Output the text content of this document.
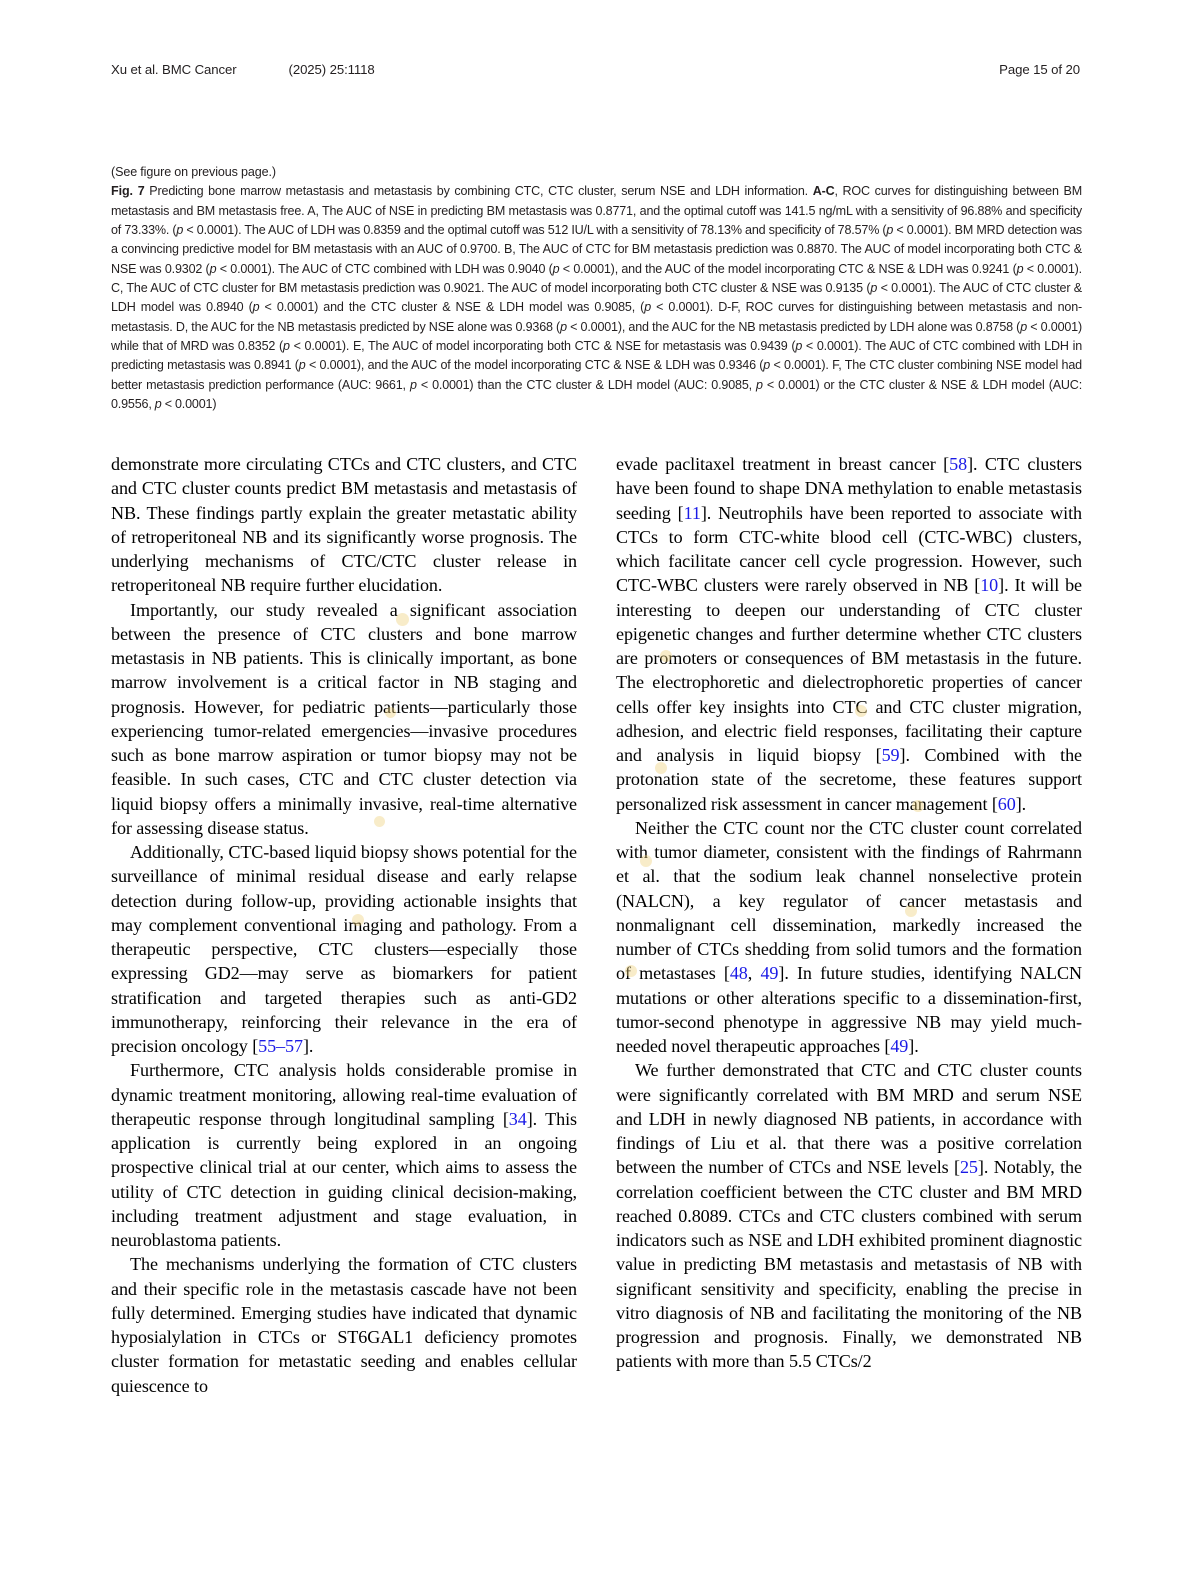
Xu et al. BMC Cancer	(2025) 25:1118	Page 15 of 20
(See figure on previous page.)
Fig. 7 Predicting bone marrow metastasis and metastasis by combining CTC, CTC cluster, serum NSE and LDH information. A-C, ROC curves for distinguishing between BM metastasis and BM metastasis free. A, The AUC of NSE in predicting BM metastasis was 0.8771, and the optimal cutoff was 141.5 ng/mL with a sensitivity of 96.88% and specificity of 73.33%. (p < 0.0001). The AUC of LDH was 0.8359 and the optimal cutoff was 512 IU/L with a sensitivity of 78.13% and specificity of 78.57% (p < 0.0001). BM MRD detection was a convincing predictive model for BM metastasis with an AUC of 0.9700. B, The AUC of CTC for BM metastasis prediction was 0.8870. The AUC of model incorporating both CTC & NSE was 0.9302 (p < 0.0001). The AUC of CTC combined with LDH was 0.9040 (p < 0.0001), and the AUC of the model incorporating CTC & NSE & LDH was 0.9241 (p < 0.0001). C, The AUC of CTC cluster for BM metastasis prediction was 0.9021. The AUC of model incorporating both CTC cluster & NSE was 0.9135 (p < 0.0001). The AUC of CTC cluster & LDH model was 0.8940 (p < 0.0001) and the CTC cluster & NSE & LDH model was 0.9085, (p < 0.0001). D-F, ROC curves for distinguishing between metastasis and non-metastasis. D, the AUC for the NB metastasis predicted by NSE alone was 0.9368 (p < 0.0001), and the AUC for the NB metastasis predicted by LDH alone was 0.8758 (p < 0.0001) while that of MRD was 0.8352 (p < 0.0001). E, The AUC of model incorporating both CTC & NSE for metastasis was 0.9439 (p < 0.0001). The AUC of CTC combined with LDH in predicting metastasis was 0.8941 (p < 0.0001), and the AUC of the model incorporating CTC & NSE & LDH was 0.9346 (p < 0.0001). F, The CTC cluster combining NSE model had better metastasis prediction performance (AUC: 9661, p < 0.0001) than the CTC cluster & LDH model (AUC: 0.9085, p < 0.0001) or the CTC cluster & NSE & LDH model (AUC: 0.9556, p < 0.0001)

demonstrate more circulating CTCs and CTC clusters, and CTC and CTC cluster counts predict BM metastasis and metastasis of NB. These findings partly explain the greater metastatic ability of retroperitoneal NB and its significantly worse prognosis. The underlying mechanisms of CTC/CTC cluster release in retroperitoneal NB require further elucidation.

Importantly, our study revealed a significant association between the presence of CTC clusters and bone marrow metastasis in NB patients. This is clinically important, as bone marrow involvement is a critical factor in NB staging and prognosis. However, for pediatric patients—particularly those experiencing tumor-related emergencies—invasive procedures such as bone marrow aspiration or tumor biopsy may not be feasible. In such cases, CTC and CTC cluster detection via liquid biopsy offers a minimally invasive, real-time alternative for assessing disease status.

Additionally, CTC-based liquid biopsy shows potential for the surveillance of minimal residual disease and early relapse detection during follow-up, providing actionable insights that may complement conventional imaging and pathology. From a therapeutic perspective, CTC clusters—especially those expressing GD2—may serve as biomarkers for patient stratification and targeted therapies such as anti-GD2 immunotherapy, reinforcing their relevance in the era of precision oncology [55–57].

Furthermore, CTC analysis holds considerable promise in dynamic treatment monitoring, allowing real-time evaluation of therapeutic response through longitudinal sampling [34]. This application is currently being explored in an ongoing prospective clinical trial at our center, which aims to assess the utility of CTC detection in guiding clinical decision-making, including treatment adjustment and stage evaluation, in neuroblastoma patients.

The mechanisms underlying the formation of CTC clusters and their specific role in the metastasis cascade have not been fully determined. Emerging studies have indicated that dynamic hyposialylation in CTCs or ST6GAL1 deficiency promotes cluster formation for metastatic seeding and enables cellular quiescence to

evade paclitaxel treatment in breast cancer [58]. CTC clusters have been found to shape DNA methylation to enable metastasis seeding [11]. Neutrophils have been reported to associate with CTCs to form CTC-white blood cell (CTC-WBC) clusters, which facilitate cancer cell cycle progression. However, such CTC-WBC clusters were rarely observed in NB [10]. It will be interesting to deepen our understanding of CTC cluster epigenetic changes and further determine whether CTC clusters are promoters or consequences of BM metastasis in the future. The electrophoretic and dielectrophoretic properties of cancer cells offer key insights into CTC and CTC cluster migration, adhesion, and electric field responses, facilitating their capture and analysis in liquid biopsy [59]. Combined with the protonation state of the secretome, these features support personalized risk assessment in cancer management [60].

Neither the CTC count nor the CTC cluster count correlated with tumor diameter, consistent with the findings of Rahrmann et al. that the sodium leak channel nonselective protein (NALCN), a key regulator of cancer metastasis and nonmalignant cell dissemination, markedly increased the number of CTCs shedding from solid tumors and the formation of metastases [48, 49]. In future studies, identifying NALCN mutations or other alterations specific to a dissemination-first, tumor-second phenotype in aggressive NB may yield much-needed novel therapeutic approaches [49].

We further demonstrated that CTC and CTC cluster counts were significantly correlated with BM MRD and serum NSE and LDH in newly diagnosed NB patients, in accordance with findings of Liu et al. that there was a positive correlation between the number of CTCs and NSE levels [25]. Notably, the correlation coefficient between the CTC cluster and BM MRD reached 0.8089. CTCs and CTC clusters combined with serum indicators such as NSE and LDH exhibited prominent diagnostic value in predicting BM metastasis and metastasis of NB with significant sensitivity and specificity, enabling the precise in vitro diagnosis of NB and facilitating the monitoring of the NB progression and prognosis. Finally, we demonstrated NB patients with more than 5.5 CTCs/2
